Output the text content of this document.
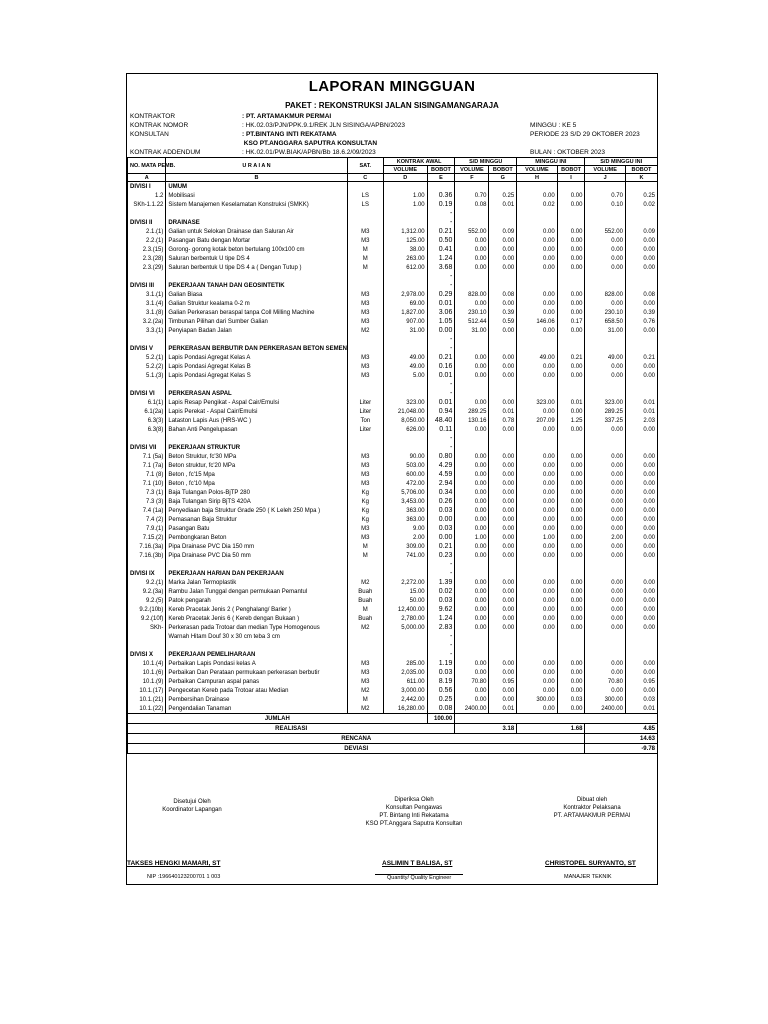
LAPORAN MINGGUAN
PAKET : REKONSTRUKSI JALAN SISINGAMANGARAJA
KONTRAKTOR	: PT. ARTAMAKMUR PERMAI
KONTRAK NOMOR	: HK.02.03/PJN/PPK.9.1/REK JLN SISINGA/APBN/2023
KONSULTAN	: PT.BINTANG INTI REKATAMA
KSO PT.ANGGARA SAPUTRA KONSULTAN
KONTRAK ADDENDUM	: HK.02.01/PW.BIAK/APBN/Bb 18.6.2/09/2023
MINGGU : KE 5
PERIODE 23 S/D 29 OKTOBER 2023

BULAN : OKTOBER 2023
NO. MATA PEMB.	U R A I A N	SAT.	KONTRAK AWAL		S/D MINGGU		MINGGU INI		S/D MINGGU INI	
			VOLUME	BOBOT	VOLUME	BOBOT	VOLUME	BOBOT	VOLUME	BOBOT
A	B	C	D	E	F	G	H	I	J	K
DIVISI I	UMUM									
1.2	Mobilisasi	LS	1.00	0.36	0.70	0.25	0.00	0.00	0.70	0.25
SKh-1.1.22	Sistem Manajemen Keselamatan Konstruksi (SMKK)	LS	1.00	0.19	0.08	0.01	0.02	0.00	0.10	0.02
				-						
DIVISI II	DRAINASE			-						
2.1.(1)	Galian untuk Selokan Drainase dan Saluran Air	M3	1,312.00	0.21	552.00	0.09	0.00	0.00	552.00	0.09
2.2.(1)	Pasangan Batu dengan Mortar	M3	125.00	0.50	0.00	0.00	0.00	0.00	0.00	0.00
2.3.(15)	Gorong- gorong kotak beton bertulang 100x100 cm	M	38.00	0.41	0.00	0.00	0.00	0.00	0.00	0.00
2.3.(28)	Saluran berbentuk U tipe DS 4	M	263.00	1.24	0.00	0.00	0.00	0.00	0.00	0.00
2.3.(29)	Saluran berbentuk U tipe DS 4 a ( Dengan Tutup )	M	612.00	3.68	0.00	0.00	0.00	0.00	0.00	0.00
				-						
DIVISI III	PEKERJAAN TANAH DAN GEOSINTETIK			-						
3.1.(1)	Galian Biasa	M3	2,978.00	0.29	828.00	0.08	0.00	0.00	828.00	0.08
3.1.(4)	Galian Struktur kealama 0-2 m	M3	69.00	0.01	0.00	0.00	0.00	0.00	0.00	0.00
3.1.(8)	Galian Perkerasan beraspal tanpa Coll Milling Machine	M3	1,827.00	3.06	230.10	0.39	0.00	0.00	230.10	0.39
3.2.(2a)	Timbunan Pilihan dari Sumber Galian	M3	907.00	1.05	512.44	0.59	146.06	0.17	658.50	0.76
3.3.(1)	Penyiapan Badan Jalan	M2	31.00	0.00	31.00	0.00	0.00	0.00	31.00	0.00
				-						
DIVISI V	PERKERASAN BERBUTIR DAN PERKERASAN BETON SEMEN			-						
5.2.(1)	Lapis Pondasi Agregat Kelas A	M3	49.00	0.21	0.00	0.00	49.00	0.21	49.00	0.21
5.2.(2)	Lapis Pondasi Agregat Kelas B	M3	49.00	0.16	0.00	0.00	0.00	0.00	0.00	0.00
5.1.(3)	Lapis Pondasi Agregat Kelas S	M3	5.00	0.01	0.00	0.00	0.00	0.00	0.00	0.00
				-						
DIVISI VI	PERKERASAN ASPAL			-						
6.1(1)	Lapis Resap Pengikat - Aspal Cair/Emulsi	Liter	323.00	0.01	0.00	0.00	323.00	0.01	323.00	0.01
6.1(2a)	Lapis Perekat - Aspal Cair/Emulsi	Liter	21,048.00	0.94	289.25	0.01	0.00	0.00	289.25	0.01
6.3(3)	Lataston Lapis Aus (HRS-WC )	Ton	8,050.00	48.40	130.16	0.78	207.09	1.25	337.25	2.03
6.3(8)	Bahan Anti Pengelupasan	Liter	626.00	0.11	0.00	0.00	0.00	0.00	0.00	0.00
				-						
DIVISI VII	PEKERJAAN STRUKTUR			-						
7.1 (5a)	Beton Struktur, fc'30 MPa	M3	90.00	0.80	0.00	0.00	0.00	0.00	0.00	0.00
7.1 (7a)	Beton struktur, fc'20 MPa	M3	503.00	4.29	0.00	0.00	0.00	0.00	0.00	0.00
7.1 (8)	Beton , fc'15 Mpa	M3	600.00	4.59	0.00	0.00	0.00	0.00	0.00	0.00
7.1 (10)	Beton , fc'10 Mpa	M3	472.00	2.94	0.00	0.00	0.00	0.00	0.00	0.00
7.3 (1)	Baja Tulangan Polos-BjTP 280	Kg	5,706.00	0.34	0.00	0.00	0.00	0.00	0.00	0.00
7.3 (3)	Baja Tulangan Sirip BjTS 420A	Kg	3,453.00	0.26	0.00	0.00	0.00	0.00	0.00	0.00
7.4 (1a)	Penyediaan baja Struktur Grade 250 ( K Leleh 250 Mpa )	Kg	363.00	0.03	0.00	0.00	0.00	0.00	0.00	0.00
7.4 (2)	Pemasanan Baja Struktur	Kg	363.00	0.00	0.00	0.00	0.00	0.00	0.00	0.00
7.9.(1)	Pasangan Batu	M3	9.00	0.03	0.00	0.00	0.00	0.00	0.00	0.00
7.15.(2)	Pembongkaran Beton	M3	2.00	0.00	1.00	0.00	1.00	0.00	2.00	0.00
7.16.(3a)	Pipa Drainase PVC Dia 150 mm	M	309.00	0.21	0.00	0.00	0.00	0.00	0.00	0.00
7.16.(3b)	Pipa Drainase PVC Dia 50 mm	M	741.00	0.23	0.00	0.00	0.00	0.00	0.00	0.00
				-						
DIVISI IX	PEKERJAAN HARIAN DAN PEKERJAAN			-						
9.2.(1)	Marka Jalan Termoplastik	M2	2,272.00	1.39	0.00	0.00	0.00	0.00	0.00	0.00
9.2.(3a)	Rambu Jalan Tunggal dengan permukaan Pemantul	Buah	15.00	0.02	0.00	0.00	0.00	0.00	0.00	0.00
9.2.(5)	Patok pengarah	Buah	50.00	0.03	0.00	0.00	0.00	0.00	0.00	0.00
9.2.(10b)	Kereb Pracetak Jenis 2 ( Penghalang/ Barier )	M	12,400.00	9.62	0.00	0.00	0.00	0.00	0.00	0.00
9.2.(10f)	Kereb Pracetak Jenis 6 ( Kereb dengan Bukaan )	Buah	2,780.00	1.24	0.00	0.00	0.00	0.00	0.00	0.00
SKh-	Perkerasan pada Trotoar dan median Type Homogenous	M2	5,000.00	2.83	0.00	0.00	0.00	0.00	0.00	0.00
	Warnah Hitam Douf 30 x 30 cm teba 3 cm			-						
				-						
DIVISI X	PEKERJAAN PEMELIHARAAN			-						
10.1.(4)	Perbaikan Lapis Pondasi kelas A	M3	285.00	1.19	0.00	0.00	0.00	0.00	0.00	0.00
10.1.(6)	Perbaikan Dan Perataan permukaan perkerasan berbutir	M3	2,035.00	0.03	0.00	0.00	0.00	0.00	0.00	0.00
10.1.(9)	Perbaikan Campuran aspal panas	M3	611.00	8.19	70.80	0.95	0.00	0.00	70.80	0.95
10.1.(17)	Pengecetan Kereb pada Trotoar atau Median	M2	3,000.00	0.56	0.00	0.00	0.00	0.00	0.00	0.00
10.1.(21)	Pembersihan Drainase	M	2,442.00	0.25	0.00	0.00	300.00	0.03	300.00	0.03
10.1.(22)	Pengendalian Tanaman	M2	16,280.00	0.08	2400.00	0.01	0.00	0.00	2400.00	0.01
JUMLAH				100.00						
REALISASI					3.18		1.68		4.85	
RENCANA									14.63	
DEVIASI									-9.78	
Disetujui Oleh
Koordinator Lapangan
Diperiksa Oleh
Konsultan Pengawas
PT. Bintang Inti Rekatama
KSO PT.Anggara Saputra Konsultan
Dibuat oleh
Kontraktor Pelaksana
PT. ARTAMAKMUR PERMAI
TAKSES HENGKI MAMARI, ST
NIP :196640123200701 1 003
ASLIMIN T BALISA, ST
Quantity/ Quality Engineer
CHRISTOPEL SURYANTO, ST
MANAJER TEKNIK
